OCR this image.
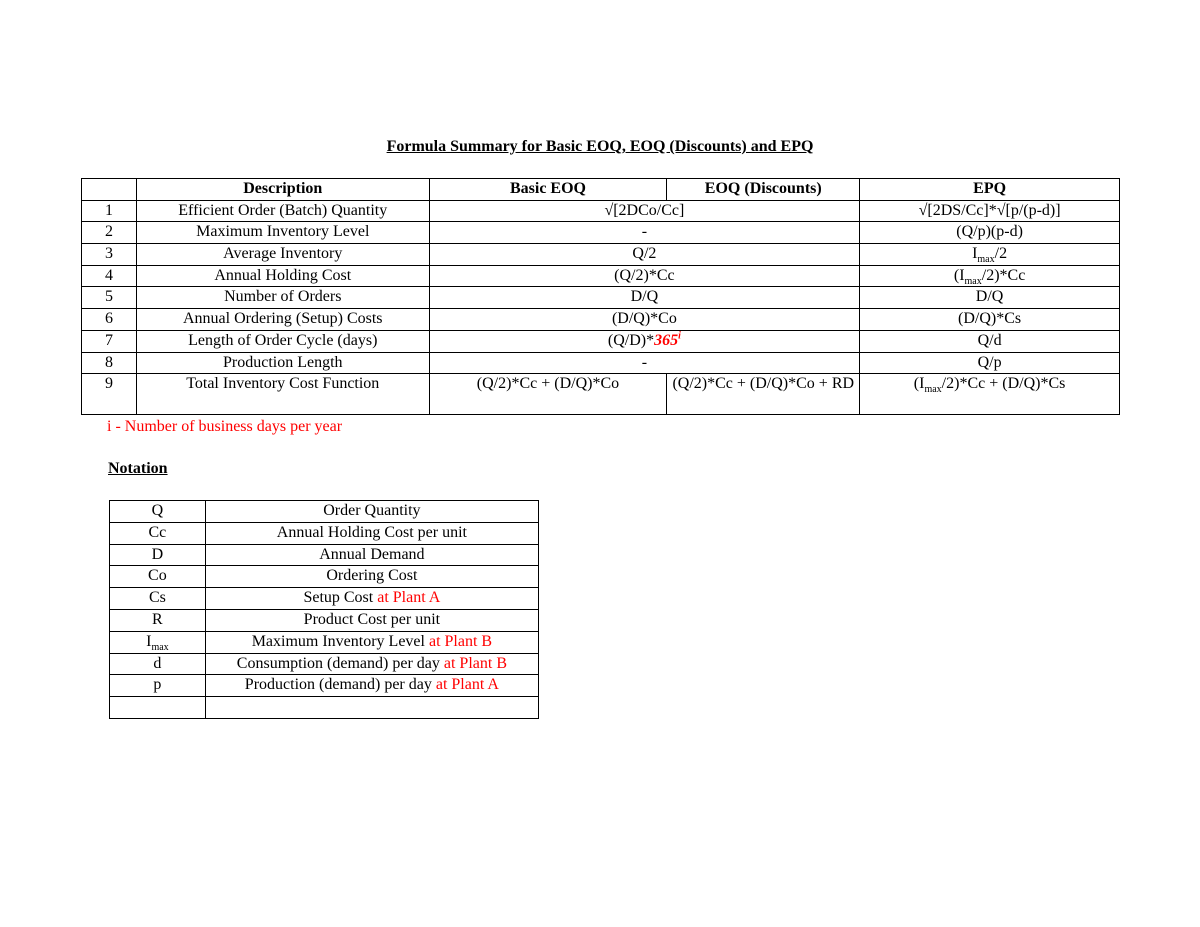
Formula Summary for Basic EOQ, EOQ (Discounts) and EPQ
	Description	Basic EOQ	EOQ (Discounts)	EPQ
1	Efficient Order (Batch) Quantity	√[2DCo/Cc]		√[2DS/Cc]*√[p/(p-d)]
2	Maximum Inventory Level	-		(Q/p)(p-d)
3	Average Inventory	Q/2		$I_{max}/2$
4	Annual Holding Cost	(Q/2)*Cc		$(I_{max}/2)*Cc$
5	Number of Orders	D/Q		D/Q
6	Annual Ordering (Setup) Costs	(D/Q)*Co		(D/Q)*Cs
7	Length of Order Cycle (days)	(Q/D)*365$^i$		Q/d
8	Production Length	-		Q/p
9	Total Inventory Cost Function	(Q/2)*Cc + (D/Q)*Co	(Q/2)*Cc + (D/Q)*Co + RD	$(I_{max}/2)*Cc + (D/Q)*Cs$
i - Number of business days per year
Notation
Q	Order Quantity
Cc	Annual Holding Cost per unit
D	Annual Demand
Co	Ordering Cost
Cs	Setup Cost at Plant A
R	Product Cost per unit
$I_{max}$	Maximum Inventory Level at Plant B
d	Consumption (demand) per day at Plant B
p	Production (demand) per day at Plant A
